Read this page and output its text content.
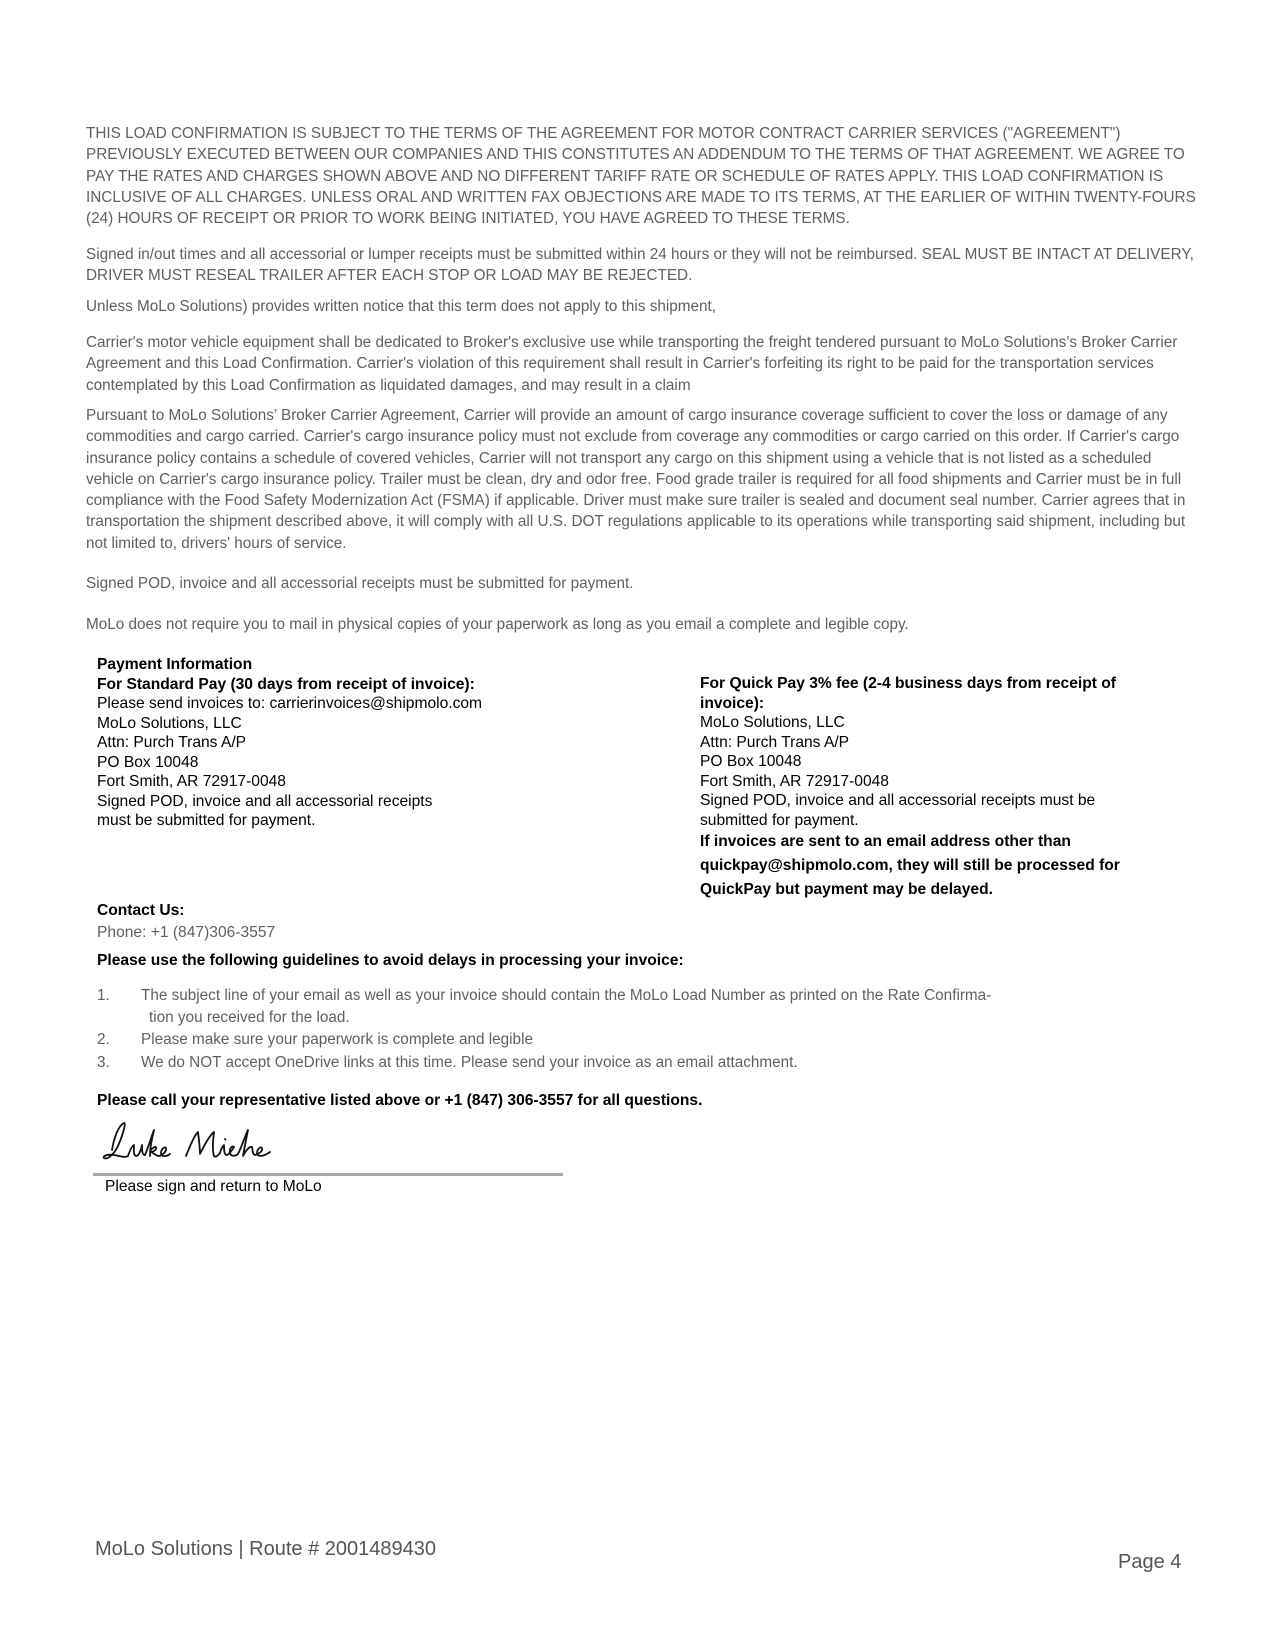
THIS LOAD CONFIRMATION IS SUBJECT TO THE TERMS OF THE AGREEMENT FOR MOTOR CONTRACT CARRIER SERVICES ("AGREEMENT") PREVIOUSLY EXECUTED BETWEEN OUR COMPANIES AND THIS CONSTITUTES AN ADDENDUM TO THE TERMS OF THAT AGREEMENT. WE AGREE TO PAY THE RATES AND CHARGES SHOWN ABOVE AND NO DIFFERENT TARIFF RATE OR SCHEDULE OF RATES APPLY. THIS LOAD CONFIRMATION IS INCLUSIVE OF ALL CHARGES. UNLESS ORAL AND WRITTEN FAX OBJECTIONS ARE MADE TO ITS TERMS, AT THE EARLIER OF WITHIN TWENTY-FOURS (24) HOURS OF RECEIPT OR PRIOR TO WORK BEING INITIATED, YOU HAVE AGREED TO THESE TERMS.

Signed in/out times and all accessorial or lumper receipts must be submitted within 24 hours or they will not be reimbursed. SEAL MUST BE INTACT AT DELIVERY, DRIVER MUST RESEAL TRAILER AFTER EACH STOP OR LOAD MAY BE REJECTED.

Unless MoLo Solutions) provides written notice that this term does not apply to this shipment,

Carrier's motor vehicle equipment shall be dedicated to Broker's exclusive use while transporting the freight tendered pursuant to MoLo Solutions’s Broker Carrier Agreement and this Load Confirmation. Carrier's violation of this requirement shall result in Carrier's forfeiting its right to be paid for the transportation services contemplated by this Load Confirmation as liquidated damages, and may result in a claim

Pursuant to MoLo Solutions’ Broker Carrier Agreement, Carrier will provide an amount of cargo insurance coverage sufficient to cover the loss or damage of any commodities and cargo carried. Carrier's cargo insurance policy must not exclude from coverage any commodities or cargo carried on this order. If Carrier's cargo insurance policy contains a schedule of covered vehicles, Carrier will not transport any cargo on this shipment using a vehicle that is not listed as a scheduled vehicle on Carrier's cargo insurance policy. Trailer must be clean, dry and odor free. Food grade trailer is required for all food shipments and Carrier must be in full compliance with the Food Safety Modernization Act (FSMA) if applicable. Driver must make sure trailer is sealed and document seal number. Carrier agrees that in transportation the shipment described above, it will comply with all U.S. DOT regulations applicable to its operations while transporting said shipment, including but not limited to, drivers' hours of service.

Signed POD, invoice and all accessorial receipts must be submitted for payment.

MoLo does not require you to mail in physical copies of your paperwork as long as you email a complete and legible copy.

Payment Information
For Standard Pay (30 days from receipt of invoice):
Please send invoices to: carrierinvoices@shipmolo.com
MoLo Solutions, LLC
Attn: Purch Trans A/P
PO Box 10048
Fort Smith, AR 72917-0048
Signed POD, invoice and all accessorial receipts
must be submitted for payment.
For Quick Pay 3% fee (2-4 business days from receipt of invoice):
MoLo Solutions, LLC
Attn: Purch Trans A/P
PO Box 10048
Fort Smith, AR 72917-0048
Signed POD, invoice and all accessorial receipts must be submitted for payment.
If invoices are sent to an email address other than quickpay@shipmolo.com, they will still be processed for QuickPay but payment may be delayed.
Contact Us:
Phone: +1 (847)306-3557
Please use the following guidelines to avoid delays in processing your invoice:
1. The subject line of your email as well as your invoice should contain the MoLo Load Number as printed on the Rate Confirma-
tion you received for the load.
2. Please make sure your paperwork is complete and legible
3. We do NOT accept OneDrive links at this time. Please send your invoice as an email attachment.
Please call your representative listed above or +1 (847) 306-3557 for all questions.
Please sign and return to MoLo
MoLo Solutions | Route # 2001489430
Page 4
